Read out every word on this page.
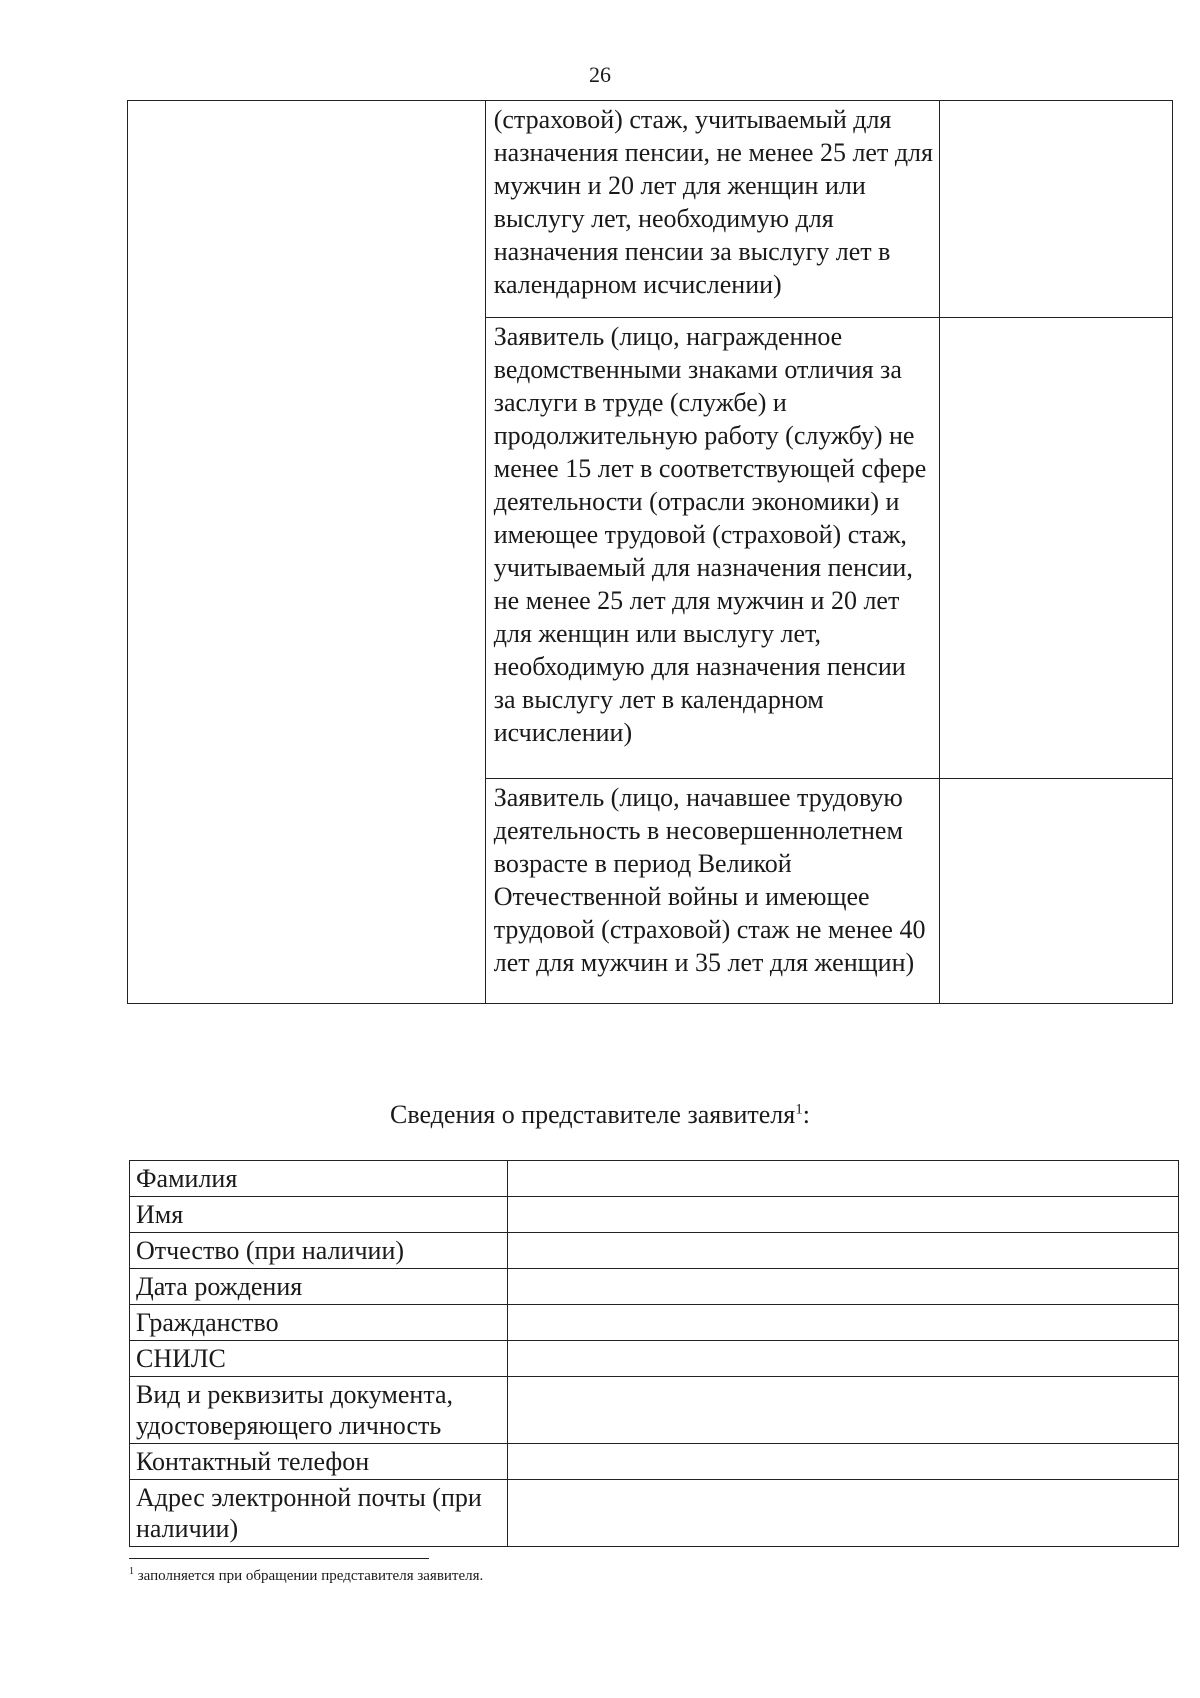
26
	(страховой) стаж, учитываемый для назначения пенсии, не менее 25 лет для мужчин и 20 лет для женщин или выслугу лет, необходимую для назначения пенсии за выслугу лет в календарном исчислении)	
	Заявитель (лицо, награжденное ведомственными знаками отличия за заслуги в труде (службе) и продолжительную работу (службу) не менее 15 лет в соответствующей сфере деятельности (отрасли экономики) и имеющее трудовой (страховой) стаж, учитываемый для назначения пенсии, не менее 25 лет для мужчин и 20 лет для женщин или выслугу лет, необходимую для назначения пенсии за выслугу лет в календарном исчислении)	
	Заявитель (лицо, начавшее трудовую деятельность в несовершеннолетнем возрасте в период Великой Отечественной войны и имеющее трудовой (страховой) стаж не менее 40 лет для мужчин и 35 лет для женщин)	
Сведения о представителе заявителя$^1$:
Фамилия	
Имя	
Отчество (при наличии)	
Дата рождения	
Гражданство	
СНИЛС	
Вид и реквизиты документа, удостоверяющего личность	
Контактный телефон	
Адрес электронной почты (при наличии)	
$^1$ заполняется при обращении представителя заявителя.
